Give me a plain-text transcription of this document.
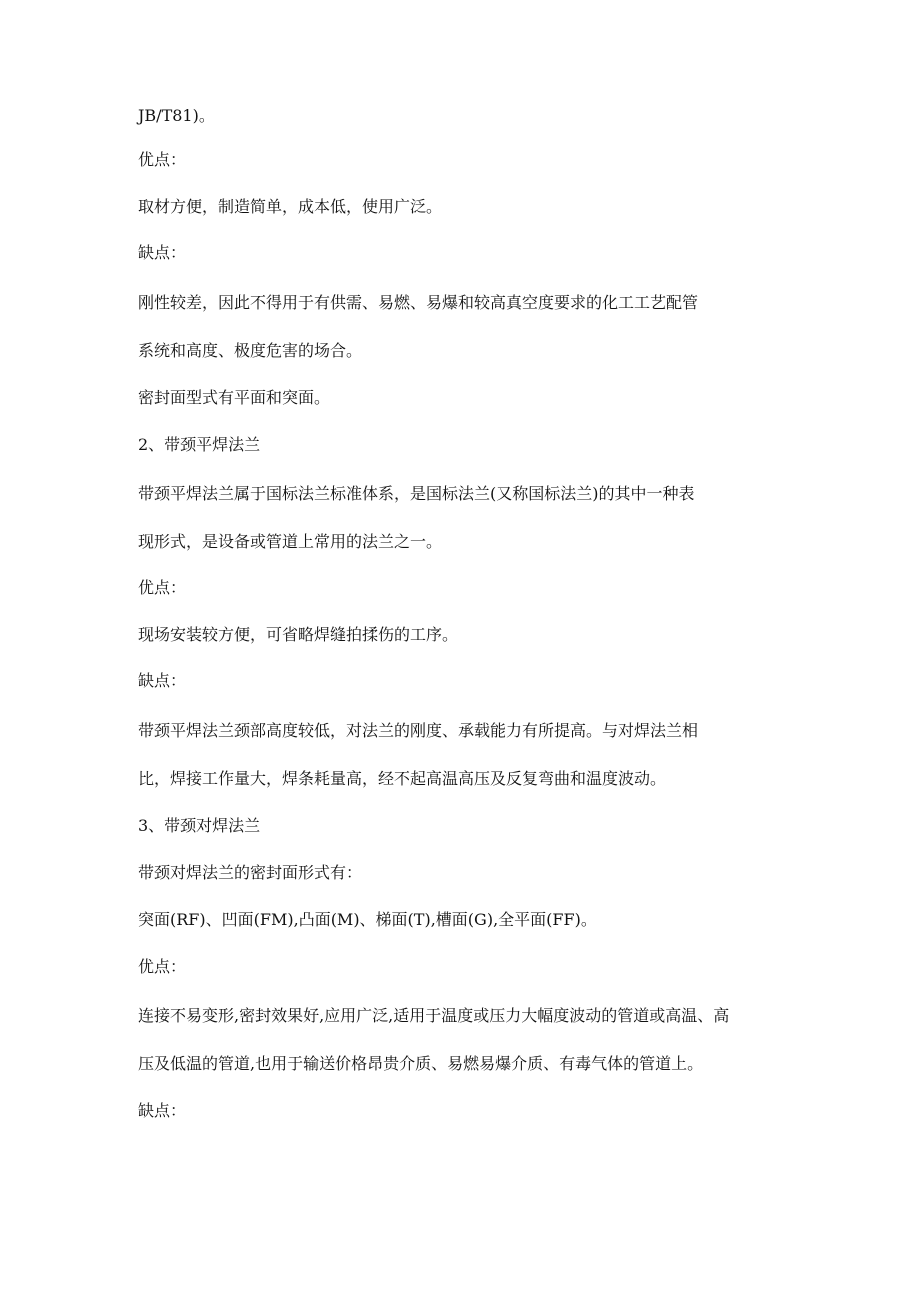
JB/T81)。
优点：
取材方便，制造简单，成本低，使用广泛。
缺点：
刚性较差，因此不得用于有供需、易燃、易爆和较高真空度要求的化工工艺配管
系统和高度、极度危害的场合。
密封面型式有平面和突面。
2、带颈平焊法兰
带颈平焊法兰属于国标法兰标准体系，是国标法兰(又称国标法兰)的其中一种表
现形式，是设备或管道上常用的法兰之一。
优点：
现场安装较方便，可省略焊缝拍揉伤的工序。
缺点：
带颈平焊法兰颈部高度较低，对法兰的刚度、承载能力有所提高。与对焊法兰相
比，焊接工作量大，焊条耗量高，经不起高温高压及反复弯曲和温度波动。
3、带颈对焊法兰
带颈对焊法兰的密封面形式有：
突面(RF)、凹面(FM),凸面(M)、梯面(T),槽面(G),全平面(FF)。
优点：
连接不易变形,密封效果好,应用广泛,适用于温度或压力大幅度波动的管道或高温、高
压及低温的管道,也用于输送价格昂贵介质、易燃易爆介质、有毒气体的管道上。
缺点：
